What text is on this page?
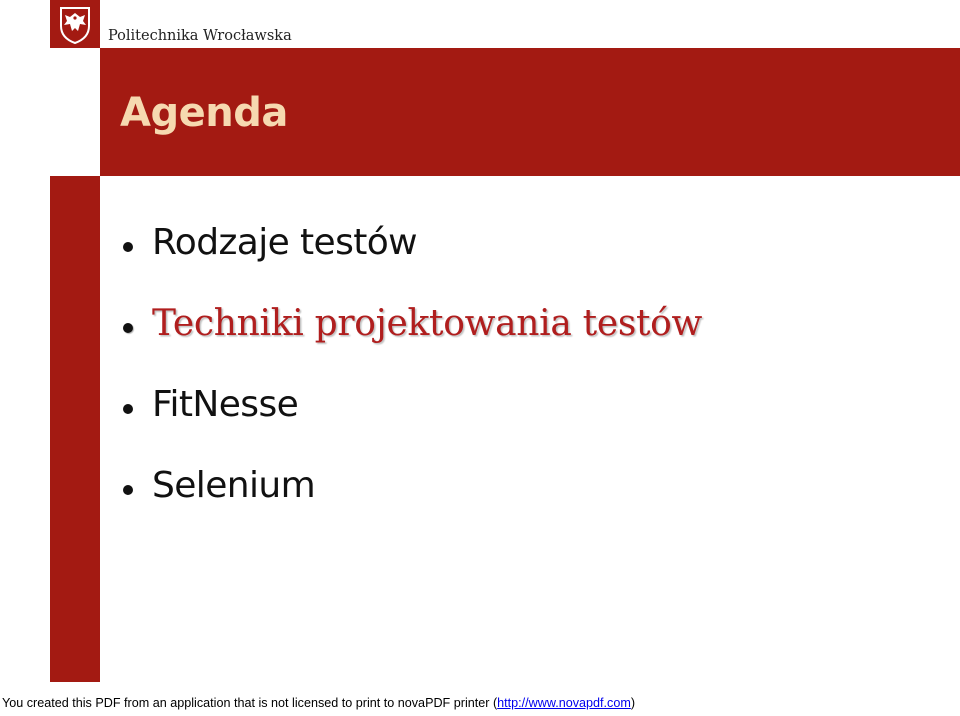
Politechnika Wrocławska
Agenda
Rodzaje testów
Techniki projektowania testów
FitNesse
Selenium
You created this PDF from an application that is not licensed to print to novaPDF printer (http://www.novapdf.com)
